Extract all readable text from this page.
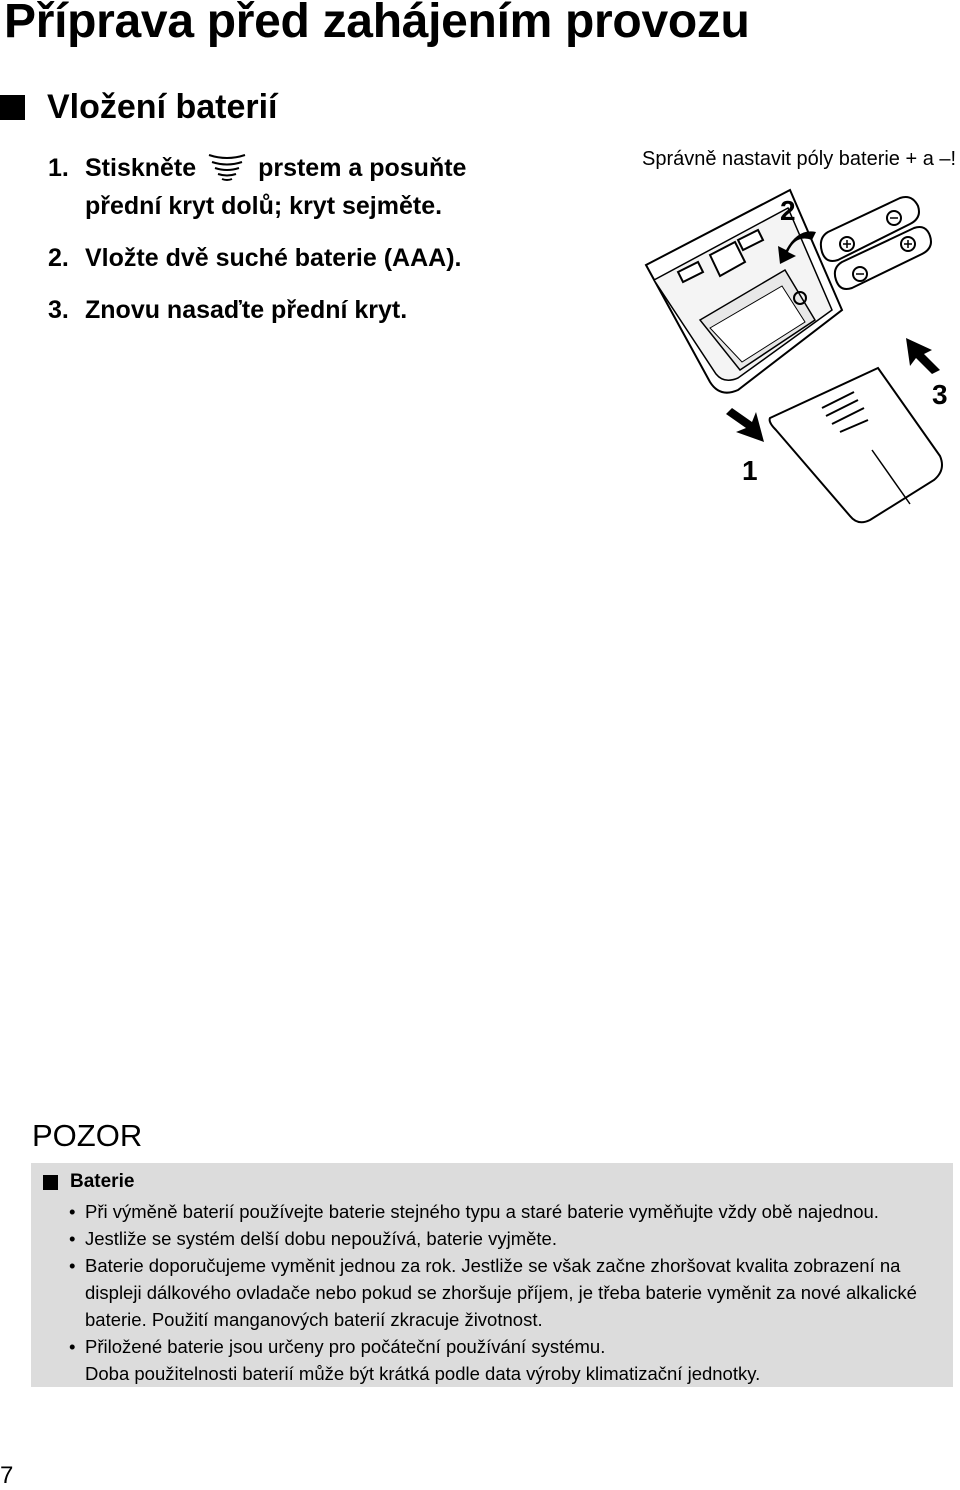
Příprava před zahájením provozu
Vložení baterií
1. Stiskněte prstem a posuňte přední kryt dolů; kryt sejměte.
2. Vložte dvě suché baterie (AAA).
3. Znovu nasaďte přední kryt.
Správně nastavit póly baterie + a –!
2
3
1
POZOR
Baterie
• Při výměně baterií používejte baterie stejného typu a staré baterie vyměňujte vždy obě najednou.
• Jestliže se systém delší dobu nepoužívá, baterie vyjměte.
• Baterie doporučujeme vyměnit jednou za rok. Jestliže se však začne zhoršovat kvalita zobrazení na displeji dálkového ovladače nebo pokud se zhoršuje příjem, je třeba baterie vyměnit za nové alkalické baterie. Použití manganových baterií zkracuje životnost.
• Přiložené baterie jsou určeny pro počáteční používání systému.
Doba použitelnosti baterií může být krátká podle data výroby klimatizační jednotky.
7
